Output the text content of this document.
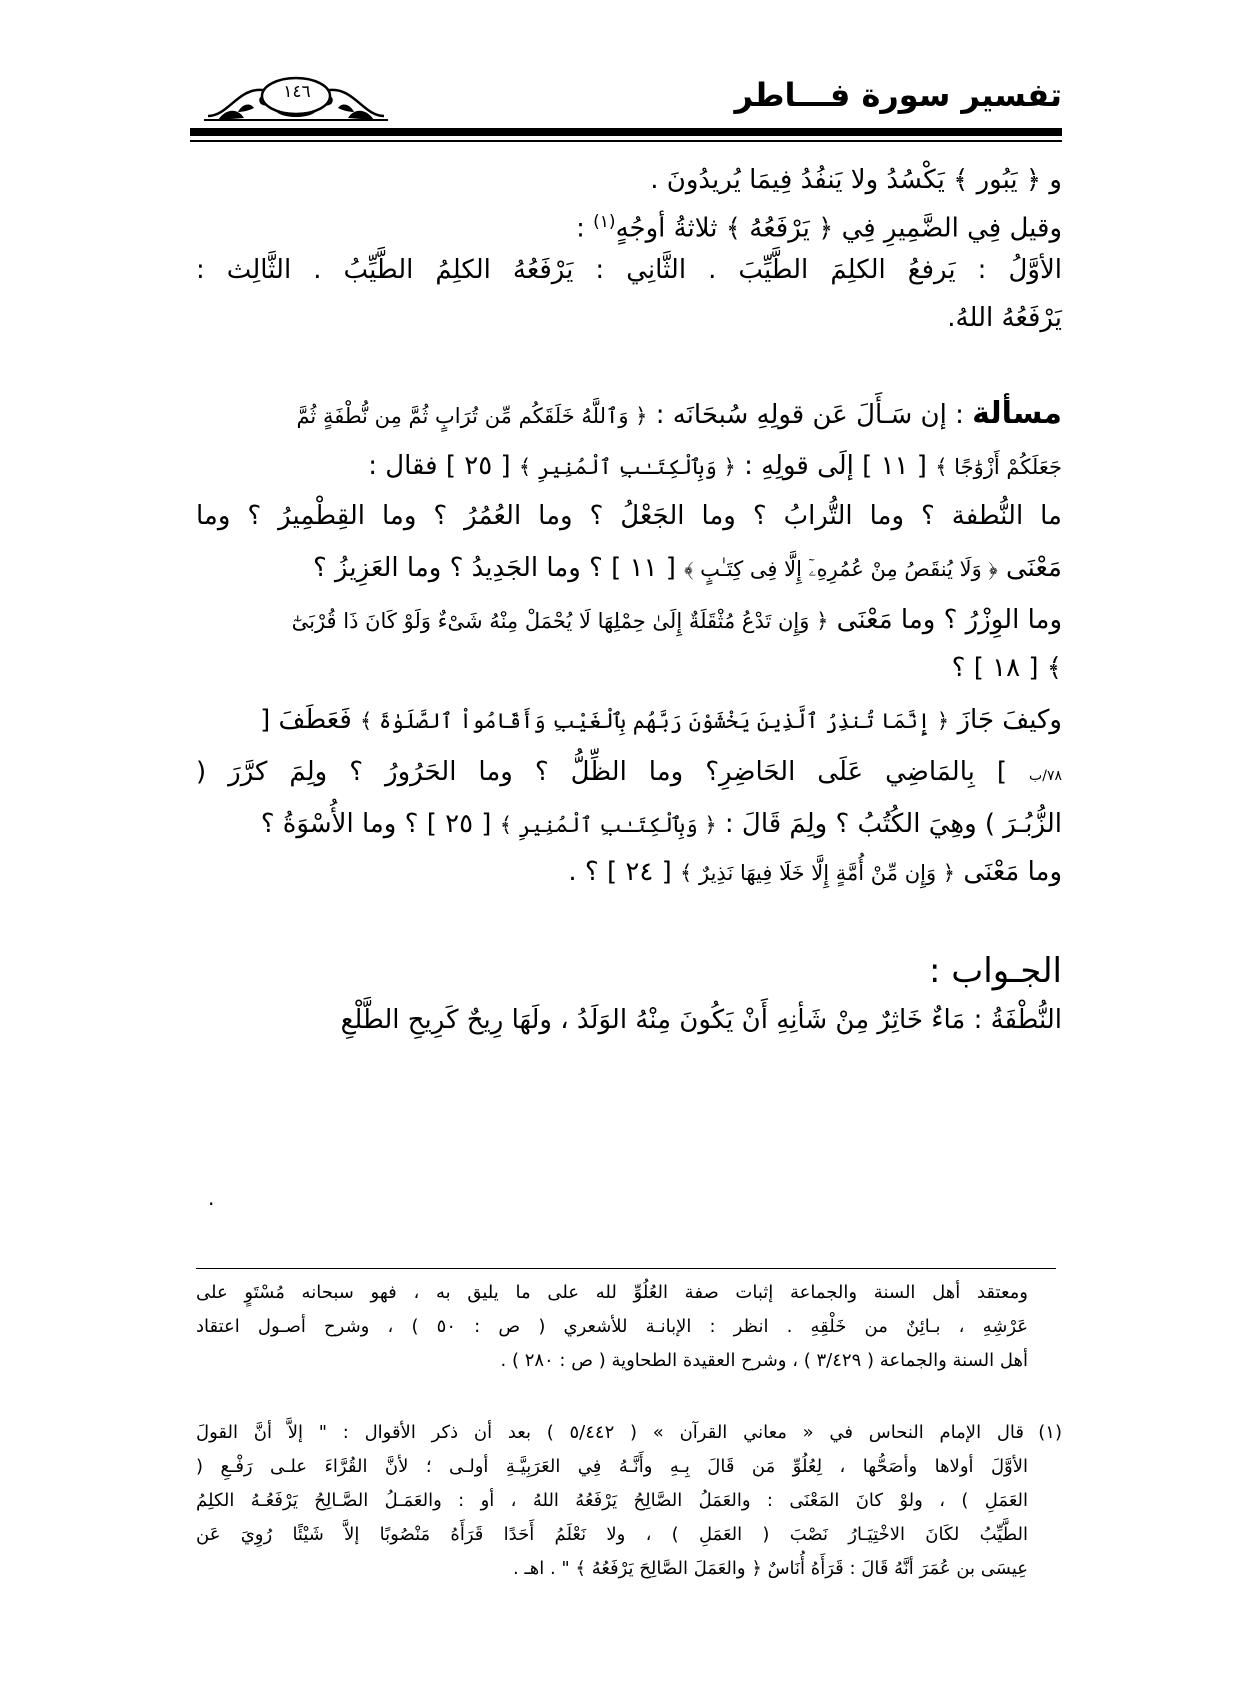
تفسير سورة فـــاطر
١٤٦
و ﴿ يَبُور ﴾ يَكْسُدُ ولا يَنفُدُ فِيمَا يُريدُونَ .
وقيل فِي الضَّمِيرِ فِي ﴿ يَرْفَعُهُ ﴾ ثلاثةُ أوجُهٍ$^{(١)}$ :
الأوَّلُ : يَرفعُ الكلِمَ الطَّيِّبَ . الثَّانِي : يَرْفَعُهُ الكلِمُ الطَّيِّبُ . الثَّالِث :
يَرْفَعُهُ اللهُ.
مسألة : إن سَـأَلَ عَن قولِهِ سُبحَانَه : ﴿ وَٱللَّهُ خَلَقَكُم مِّن تُرَابٍ ثُمَّ مِن نُّطْفَةٍ ثُمَّ
جَعَلَكُمْ أَزْوَٰجًا ﴾ [ ١١ ] إلَى قولِهِ : ﴿ وَبِٱلْكِتَـٰبِ ٱلْمُنِيرِ ﴾ [ ٢٥ ] فقال :
ما النُّطفة ؟ وما التُّرابُ ؟ وما الجَعْلُ ؟ وما العُمُرُ ؟ وما القِطْمِيرُ ؟ وما
مَعْنَى ﴿ وَلَا يُنقَصُ مِنْ عُمُرِهِۦٓ إِلَّا فِى كِتَـٰبٍ ﴾ [ ١١ ] ؟ وما الجَدِيدُ ؟ وما العَزِيزُ ؟
وما الوِزْرُ ؟ وما مَعْنَى ﴿ وَإِن تَدْعُ مُثْقَلَةٌ إِلَىٰ حِمْلِهَا لَا يُحْمَلْ مِنْهُ شَىْءٌ وَلَوْ كَانَ ذَا قُرْبَىٰٓ
﴾ [ ١٨ ] ؟
وكيفَ جَازَ ﴿ إِنَّمَا تُنذِرُ ٱلَّذِينَ يَخْشَوْنَ رَبَّهُم بِٱلْغَيْبِ وَأَقَامُواْ ٱلصَّلَوٰةَ ﴾ فَعَطَفَ [
٧٨/ب ] بِالمَاضِي عَلَى الحَاضِرِ؟ وما الظِّلُّ ؟ وما الحَرُورُ ؟ ولِمَ كرَّرَ (
الزُّبُـرَ ) وهِيَ الكُتُبُ ؟ ولِمَ قَالَ : ﴿ وَبِٱلْكِتَـٰبِ ٱلْمُنِيرِ ﴾ [ ٢٥ ] ؟ وما الأُسْوَةُ ؟
وما مَعْنَى ﴿ وَإِن مِّنْ أُمَّةٍ إِلَّا خَلَا فِيهَا نَذِيرٌ ﴾ [ ٢٤ ] ؟ .
الجـواب :
النُّطْفَةُ : مَاءٌ خَاثِرٌ مِنْ شَأنِهِ أَنْ يَكُونَ مِنْهُ الوَلَدُ ، ولَهَا رِيحٌ كَرِيحِ الطَّلْعِ
.
ومعتقد أهل السنة والجماعة إثبات صفة العُلُوِّ لله على ما يليق به ، فهو سبحانه مُسْتَوٍ على
عَرْشِهِ ، بـائِنٌ من خَلْقِهِ . انظر : الإبانـة للأشعري ( ص : ٥٠ ) ، وشرح أصـول اعتقاد
أهل السنة والجماعة ( ٣/٤٢٩ ) ، وشرح العقيدة الطحاوية ( ص : ٢٨٠ ) .
(١)
قال الإمام النحاس في « معاني القرآن » ( ٥/٤٤٢ ) بعد أن ذكر الأقوال : " إلاَّ أنَّ القولَ
الأوَّلَ أولاها وأصَحُّها ، لِعُلُوِّ مَن قَالَ بِـهِ وأَنَّـهُ فِي العَرَبِيَّـةِ أولـى ؛ لأنَّ القُرَّاءَ علـى رَفْـعِ (
العَمَلِ ) ، ولوْ كانَ المَعْنَى : والعَمَلُ الصَّالِحُ يَرْفَعُهُ اللهُ ، أو : والعَمَـلُ الصَّـالِحُ يَرْفَعُـهُ الكلِمُ
الطَّيِّبُ لكَانَ الاخْتِيَـارُ نَصْبَ ( العَمَلِ ) ، ولا نَعْلَمُ أَحَدًا قَرَأَهُ مَنْصُوبًا إلاَّ شَيْئًا رُوِيَ عَن
عِيسَى بن عُمَرَ أنَّهُ قَالَ : قَرَأَهُ أُنَاسٌ ﴿ والعَمَلَ الصَّالِحَ يَرْفَعُهُ ﴾ " . اهـ .
